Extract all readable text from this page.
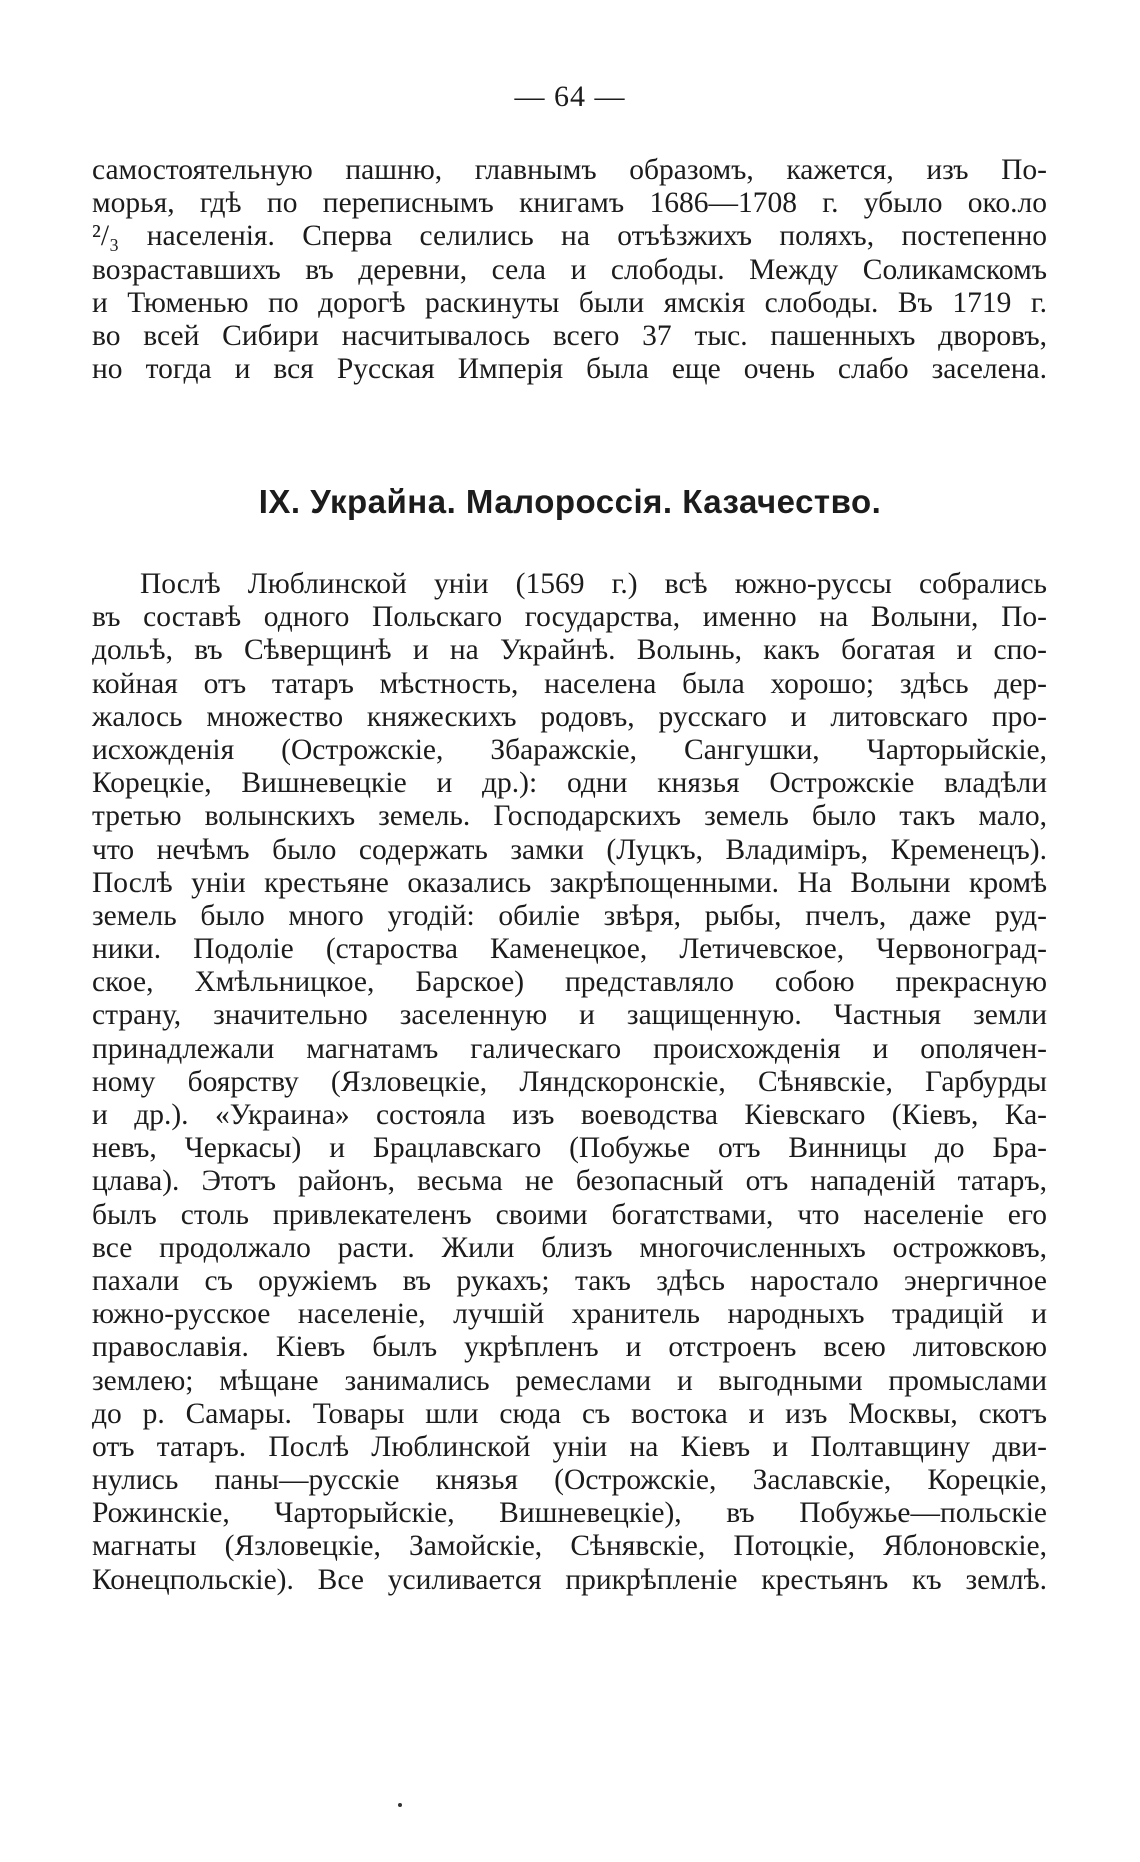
— 64 —
самостоятельную пашню, главнымъ образомъ, кажется, изъ По-
морья, гдѣ по переписнымъ книгамъ 1686—1708 г. убыло око.ло
²/₃ населенія. Сперва селились на отъѣзжихъ поляхъ, постепенно
возраставшихъ въ деревни, села и слободы. Между Соликамскомъ
и Тюменью по дорогѣ раскинуты были ямскія слободы. Въ 1719 г.
во всей Сибири насчитывалось всего 37 тыс. пашенныхъ дворовъ,
но тогда и вся Русская Имперія была еще очень слабо заселена.
IX. Украйна. Малороссія. Казачество.
Послѣ Люблинской уніи (1569 г.) всѣ южно-руссы собрались
въ составѣ одного Польскаго государства, именно на Волыни, По-
дольѣ, въ Сѣверщинѣ и на Украйнѣ. Волынь, какъ богатая и спо-
койная отъ татаръ мѣстность, населена была хорошо; здѣсь дер-
жалось множество княжескихъ родовъ, русскаго и литовскаго про-
исхожденія (Острожскіе, Збаражскіе, Сангушки, Чарторыйскіе,
Корецкіе, Вишневецкіе и др.): одни князья Острожскіе владѣли
третью волынскихъ земель. Господарскихъ земель было такъ мало,
что нечѣмъ было содержать замки (Луцкъ, Владиміръ, Кременецъ).
Послѣ уніи крестьяне оказались закрѣпощенными. На Волыни кромѣ
земель было много угодій: обиліе звѣря, рыбы, пчелъ, даже руд-
ники. Подоліе (староства Каменецкое, Летичевское, Червоноград-
ское, Хмѣльницкое, Барское) представляло собою прекрасную
страну, значительно заселенную и защищенную. Частныя земли
принадлежали магнатамъ галическаго происхожденія и ополячен-
ному боярству (Язловецкіе, Ляндскоронскіе, Сѣнявскіе, Гарбурды
и др.). «Украина» состояла изъ воеводства Кіевскаго (Кіевъ, Ка-
невъ, Черкасы) и Брацлавскаго (Побужье отъ Винницы до Бра-
цлава). Этотъ районъ, весьма не безопасный отъ нападеній татаръ,
былъ столь привлекателенъ своими богатствами, что населеніе его
все продолжало расти. Жили близъ многочисленныхъ острожковъ,
пахали съ оружіемъ въ рукахъ; такъ здѣсь наростало энергичное
южно-русское населеніе, лучшій хранитель народныхъ традицій и
православія. Кіевъ былъ укрѣпленъ и отстроенъ всею литовскою
землею; мѣщане занимались ремеслами и выгодными промыслами
до р. Самары. Товары шли сюда съ востока и изъ Москвы, скотъ
отъ татаръ. Послѣ Люблинской уніи на Кіевъ и Полтавщину дви-
нулись паны—русскіе князья (Острожскіе, Заславскіе, Корецкіе,
Рожинскіе, Чарторыйскіе, Вишневецкіе), въ Побужье—польскіе
магнаты (Язловецкіе, Замойскіе, Сѣнявскіе, Потоцкіе, Яблоновскіе,
Конецпольскіе). Все усиливается прикрѣпленіе крестьянъ къ землѣ.
